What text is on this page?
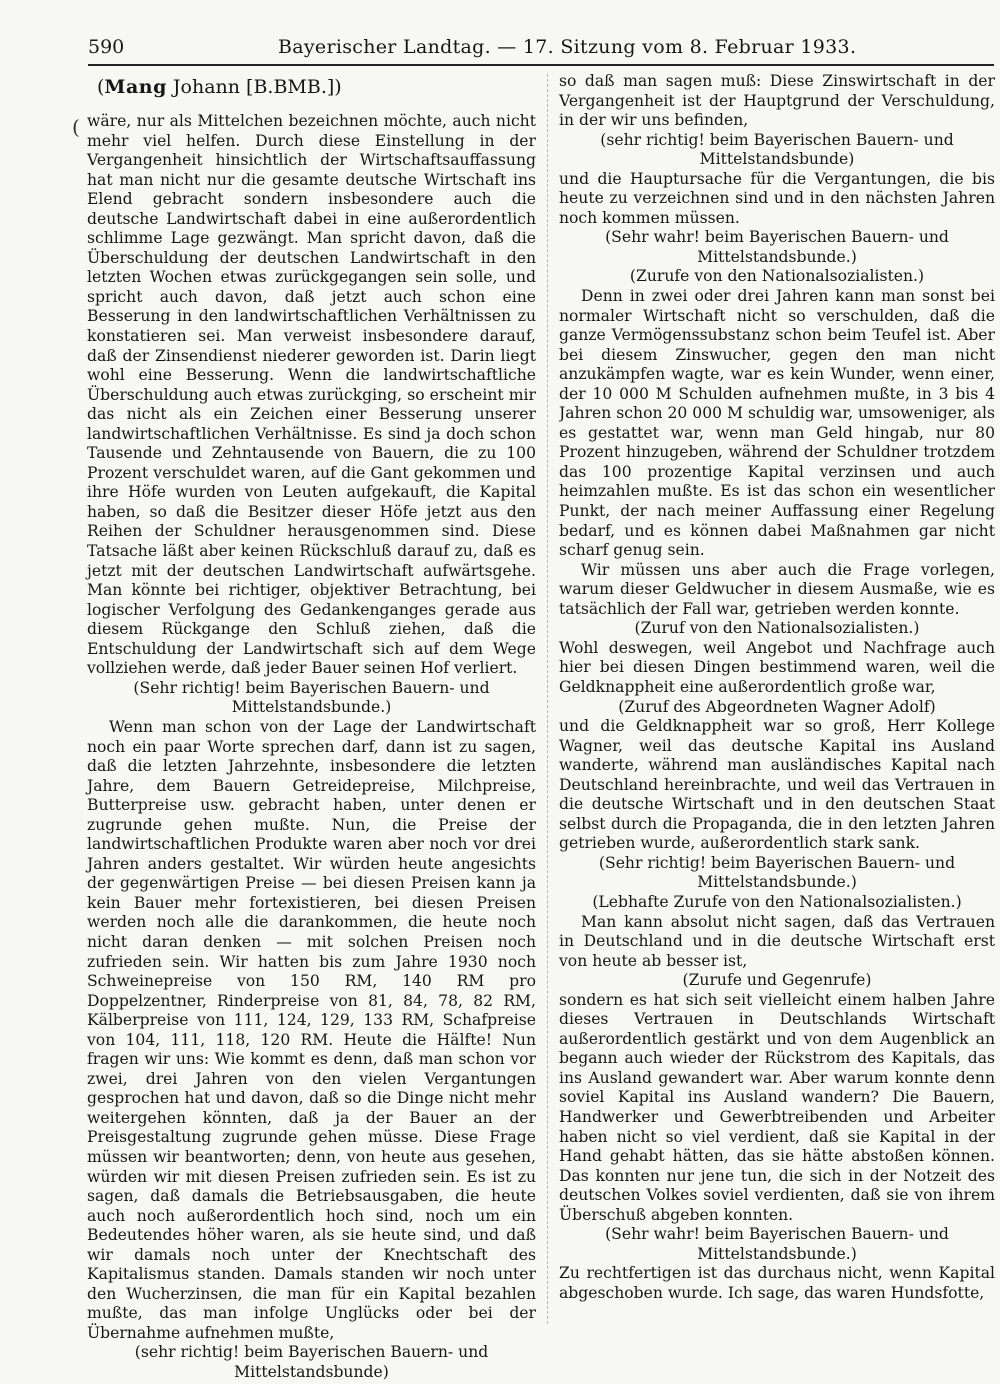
590	Bayerischer Landtag. — 17. Sitzung vom 8. Februar 1933.
(
(Mang Johann [B.BMB.])

wäre, nur als Mittelchen bezeichnen möchte, auch nicht mehr viel helfen. Durch diese Einstellung in der Vergangenheit hinsichtlich der Wirtschaftsauffassung hat man nicht nur die gesamte deutsche Wirtschaft ins Elend gebracht sondern insbesondere auch die deutsche Landwirtschaft dabei in eine außerordentlich schlimme Lage gezwängt. Man spricht davon, daß die Überschuldung der deutschen Landwirtschaft in den letzten Wochen etwas zurückgegangen sein solle, und spricht auch davon, daß jetzt auch schon eine Besserung in den landwirtschaftlichen Verhältnissen zu konstatieren sei. Man verweist insbesondere darauf, daß der Zinsendienst niederer geworden ist. Darin liegt wohl eine Besserung. Wenn die landwirtschaftliche Überschuldung auch etwas zurückging, so erscheint mir das nicht als ein Zeichen einer Besserung unserer landwirtschaftlichen Verhältnisse. Es sind ja doch schon Tausende und Zehntausende von Bauern, die zu 100 Prozent verschuldet waren, auf die Gant gekommen und ihre Höfe wurden von Leuten aufgekauft, die Kapital haben, so daß die Besitzer dieser Höfe jetzt aus den Reihen der Schuldner herausgenommen sind. Diese Tatsache läßt aber keinen Rückschluß darauf zu, daß es jetzt mit der deutschen Landwirtschaft aufwärtsgehe. Man könnte bei richtiger, objektiver Betrachtung, bei logischer Verfolgung des Gedankenganges gerade aus diesem Rückgange den Schluß ziehen, daß die Entschuldung der Landwirtschaft sich auf dem Wege vollziehen werde, daß jeder Bauer seinen Hof verliert.

(Sehr richtig! beim Bayerischen Bauern- und Mittelstandsbunde.)

Wenn man schon von der Lage der Landwirtschaft noch ein paar Worte sprechen darf, dann ist zu sagen, daß die letzten Jahrzehnte, insbesondere die letzten Jahre, dem Bauern Getreidepreise, Milchpreise, Butterpreise usw. gebracht haben, unter denen er zugrunde gehen mußte. Nun, die Preise der landwirtschaftlichen Produkte waren aber noch vor drei Jahren anders gestaltet. Wir würden heute angesichts der gegenwärtigen Preise — bei diesen Preisen kann ja kein Bauer mehr fortexistieren, bei diesen Preisen werden noch alle die darankommen, die heute noch nicht daran denken — mit solchen Preisen noch zufrieden sein. Wir hatten bis zum Jahre 1930 noch Schweinepreise von 150 RM, 140 RM pro Doppelzentner, Rinderpreise von 81, 84, 78, 82 RM, Kälberpreise von 111, 124, 129, 133 RM, Schafpreise von 104, 111, 118, 120 RM. Heute die Hälfte! Nun fragen wir uns: Wie kommt es denn, daß man schon vor zwei, drei Jahren von den vielen Vergantungen gesprochen hat und davon, daß so die Dinge nicht mehr weitergehen könnten, daß ja der Bauer an der Preisgestaltung zugrunde gehen müsse. Diese Frage müssen wir beantworten; denn, von heute aus gesehen, würden wir mit diesen Preisen zufrieden sein. Es ist zu sagen, daß damals die Betriebsausgaben, die heute auch noch außerordentlich hoch sind, noch um ein Bedeutendes höher waren, als sie heute sind, und daß wir damals noch unter der Knechtschaft des Kapitalismus standen. Damals standen wir noch unter den Wucherzinsen, die man für ein Kapital bezahlen mußte, das man infolge Unglücks oder bei der Übernahme aufnehmen mußte,

(sehr richtig! beim Bayerischen Bauern- und Mittelstandsbunde)

so daß man sagen muß: Diese Zinswirtschaft in der Vergangenheit ist der Hauptgrund der Verschuldung, in der wir uns befinden,

(sehr richtig! beim Bayerischen Bauern- und Mittelstandsbunde)

und die Hauptursache für die Vergantungen, die bis heute zu verzeichnen sind und in den nächsten Jahren noch kommen müssen.

(Sehr wahr! beim Bayerischen Bauern- und Mittelstandsbunde.)

(Zurufe von den Nationalsozialisten.)

Denn in zwei oder drei Jahren kann man sonst bei normaler Wirtschaft nicht so verschulden, daß die ganze Vermögenssubstanz schon beim Teufel ist. Aber bei diesem Zinswucher, gegen den man nicht anzukämpfen wagte, war es kein Wunder, wenn einer, der 10 000 M Schulden aufnehmen mußte, in 3 bis 4 Jahren schon 20 000 M schuldig war, umsoweniger, als es gestattet war, wenn man Geld hingab, nur 80 Prozent hinzugeben, während der Schuldner trotzdem das 100 prozentige Kapital verzinsen und auch heimzahlen mußte. Es ist das schon ein wesentlicher Punkt, der nach meiner Auffassung einer Regelung bedarf, und es können dabei Maßnahmen gar nicht scharf genug sein.

Wir müssen uns aber auch die Frage vorlegen, warum dieser Geldwucher in diesem Ausmaße, wie es tatsächlich der Fall war, getrieben werden konnte.

(Zuruf von den Nationalsozialisten.)

Wohl deswegen, weil Angebot und Nachfrage auch hier bei diesen Dingen bestimmend waren, weil die Geldknappheit eine außerordentlich große war,

(Zuruf des Abgeordneten Wagner Adolf)

und die Geldknappheit war so groß, Herr Kollege Wagner, weil das deutsche Kapital ins Ausland wanderte, während man ausländisches Kapital nach Deutschland hereinbrachte, und weil das Vertrauen in die deutsche Wirtschaft und in den deutschen Staat selbst durch die Propaganda, die in den letzten Jahren getrieben wurde, außerordentlich stark sank.

(Sehr richtig! beim Bayerischen Bauern- und Mittelstandsbunde.)

(Lebhafte Zurufe von den Nationalsozialisten.)

Man kann absolut nicht sagen, daß das Vertrauen in Deutschland und in die deutsche Wirtschaft erst von heute ab besser ist,

(Zurufe und Gegenrufe)

sondern es hat sich seit vielleicht einem halben Jahre dieses Vertrauen in Deutschlands Wirtschaft außerordentlich gestärkt und von dem Augenblick an begann auch wieder der Rückstrom des Kapitals, das ins Ausland gewandert war. Aber warum konnte denn soviel Kapital ins Ausland wandern? Die Bauern, Handwerker und Gewerbtreibenden und Arbeiter haben nicht so viel verdient, daß sie Kapital in der Hand gehabt hätten, das sie hätte abstoßen können. Das konnten nur jene tun, die sich in der Notzeit des deutschen Volkes soviel verdienten, daß sie von ihrem Überschuß abgeben konnten.

(Sehr wahr! beim Bayerischen Bauern- und Mittelstandsbunde.)

Zu rechtfertigen ist das durchaus nicht, wenn Kapital abgeschoben wurde. Ich sage, das waren Hundsfotte,
